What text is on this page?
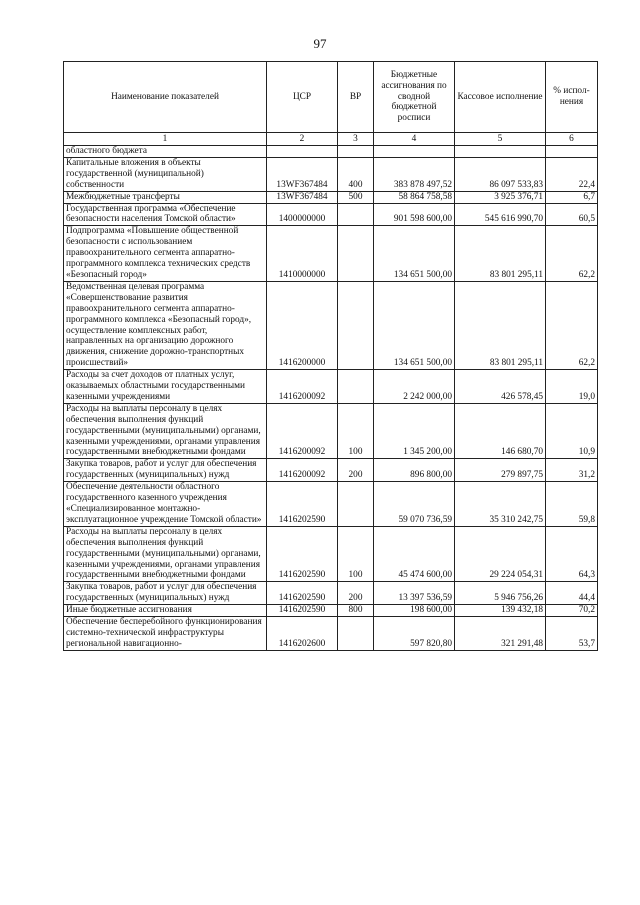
97
Наименование показателей	ЦСР	ВР	Бюджетные ассигнования по сводной бюджетной росписи	Кассовое исполнение	% испол-нения
1	2	3	4	5	6
областного бюджета					
Капитальные вложения в объекты государственной (муниципальной) собственности	13WF367484	400	383 878 497,52	86 097 533,83	22,4
Межбюджетные трансферты	13WF367484	500	58 864 758,58	3 925 376,71	6,7
Государственная программа «Обеспечение безопасности населения Томской области»	1400000000		901 598 600,00	545 616 990,70	60,5
Подпрограмма «Повышение общественной безопасности с использованием правоохранительного сегмента аппаратно-программного комплекса технических средств «Безопасный город»	1410000000		134 651 500,00	83 801 295,11	62,2
Ведомственная целевая программа «Совершенствование развития правоохранительного сегмента аппаратно-программного комплекса «Безопасный город», осуществление комплексных работ, направленных на организацию дорожного движения, снижение дорожно-транспортных происшествий»	1416200000		134 651 500,00	83 801 295,11	62,2
Расходы за счет доходов от платных услуг, оказываемых областными государственными казенными учреждениями	1416200092		2 242 000,00	426 578,45	19,0
Расходы на выплаты персоналу в целях обеспечения выполнения функций государственными (муниципальными) органами, казенными учреждениями, органами управления государственными внебюджетными фондами	1416200092	100	1 345 200,00	146 680,70	10,9
Закупка товаров, работ и услуг для обеспечения государственных (муниципальных) нужд	1416200092	200	896 800,00	279 897,75	31,2
Обеспечение деятельности областного государственного казенного учреждения «Специализированное монтажно-эксплуатационное учреждение Томской области»	1416202590		59 070 736,59	35 310 242,75	59,8
Расходы на выплаты персоналу в целях обеспечения выполнения функций государственными (муниципальными) органами, казенными учреждениями, органами управления государственными внебюджетными фондами	1416202590	100	45 474 600,00	29 224 054,31	64,3
Закупка товаров, работ и услуг для обеспечения государственных (муниципальных) нужд	1416202590	200	13 397 536,59	5 946 756,26	44,4
Иные бюджетные ассигнования	1416202590	800	198 600,00	139 432,18	70,2
Обеспечение бесперебойного функционирования системно-технической инфраструктуры региональной навигационно-	1416202600		597 820,80	321 291,48	53,7
